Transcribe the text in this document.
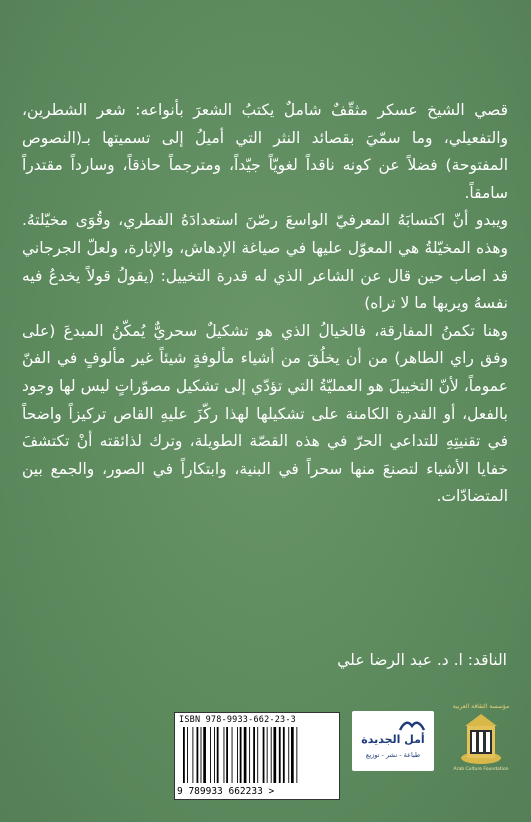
قصي الشيخ عسكر مثقّفٌ شاملٌ يكتبُ الشعرَ بأنواعه: شعر الشطرين، والتفعيلي، وما سمّيَ بقصائد النثر التي أميلُ إلى تسميتها بـ(النصوص المفتوحة) فضلاً عن كونه ناقداً لغويّاً جيّداً، ومترجماً حاذقاً، وسارداً مقتدراً سامقاً.

ويبدو أنّ اكتسابَهُ المعرفيّ الواسعَ رصّنَ استعدادَهُ الفطري، وقُوَى مخيّلتهُ. وهذه المخيّلةُ هي المعوّل عليها في صياغة الإدهاش، والإثارة، ولعلّ الجرجاني قد اصاب حين قال عن الشاعر الذي له قدرة التخييل: (يقولُ قولاً يخدعُ فيه نفسهُ ويريها ما لا تراه)

وهنا تكمنُ المفارقة، فالخيالُ الذي هو تشكيلٌ سحريٌّ يُمكّنُ المبدعَ (على وفق راي الطاهر) من أن يخلُقَ من أشياء مألوفةٍ شيئاً غير مألوفٍ في الفنّ عموماً، لأنّ التخييلَ هو العمليّةُ التي تؤدّي إلى تشكيل مصوّراتٍ ليس لها وجود بالفعل، أو القدرة الكامنة على تشكيلها لهذا ركّزَ عليهِ القاص تركيزاً واضحاً في تقنيتِهِ للتداعي الحرّ في هذه القصّة الطويلة، وترك لذائقته أنْ تكتشفَ خفايا الأشياء لتصنعَ منها سحراً في البنية، وابتكاراً في الصور، والجمع بين المتضادّات.

الناقد: ا. د. عبد الرضا علي
ISBN 978-9933-662-23-3
9 789933 662233 >
أمل الجديدة
طباعة - نشر - توزيع
مؤسسة الثقافة العربية
Arab Culture Foundation
